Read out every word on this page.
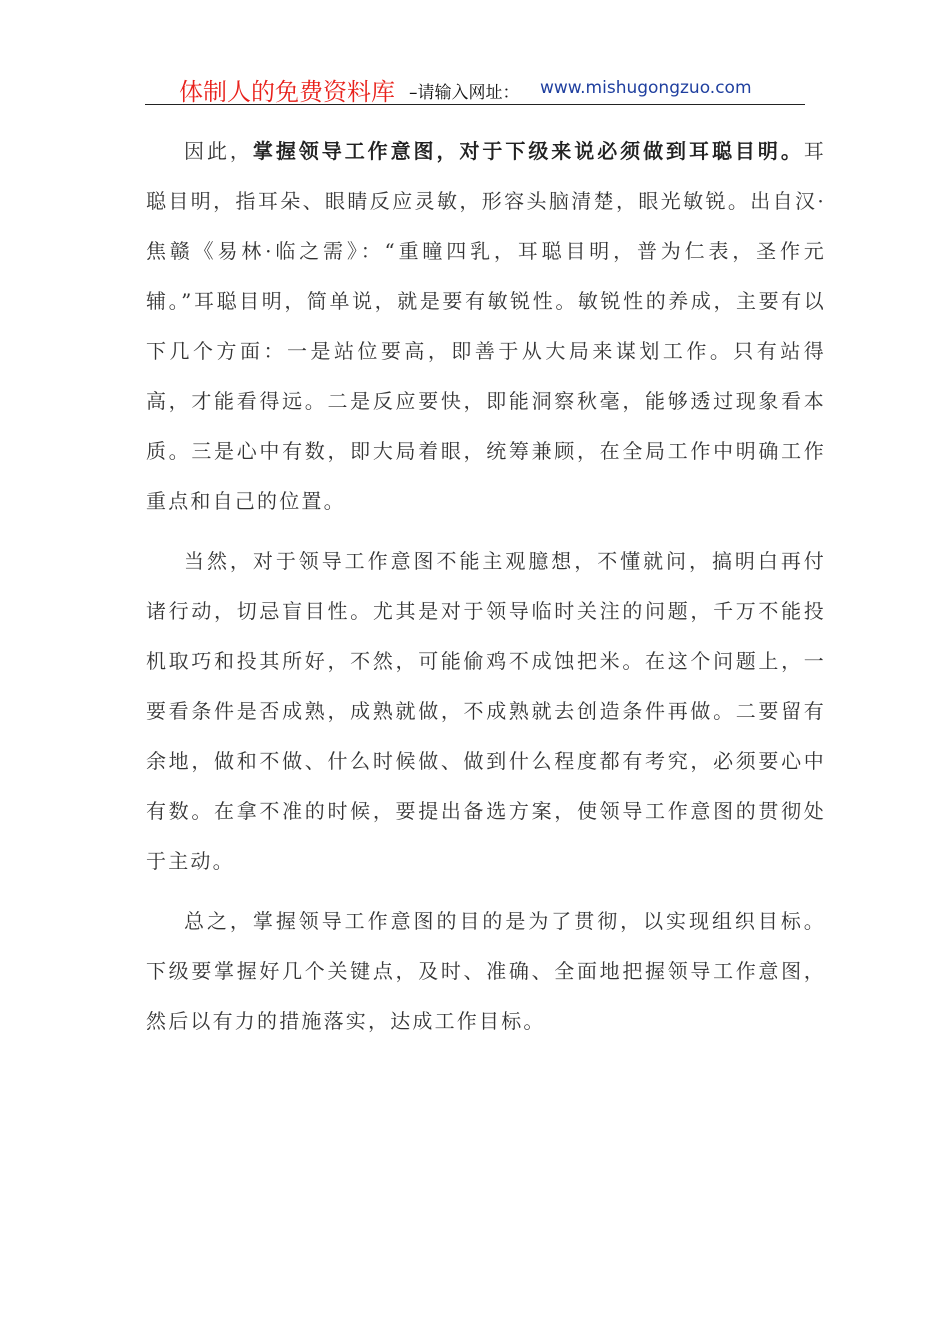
体制人的免费资料库 –请输入网址： www.mishugongzuo.com

因此，掌握领导工作意图，对于下级来说必须做到耳聪目明。耳聪目明，指耳朵、眼睛反应灵敏，形容头脑清楚，眼光敏锐。出自汉·焦赣《易林·临之需》：“重瞳四乳，耳聪目明，普为仁表，圣作元辅。”耳聪目明，简单说，就是要有敏锐性。敏锐性的养成，主要有以下几个方面：一是站位要高，即善于从大局来谋划工作。只有站得高，才能看得远。二是反应要快，即能洞察秋毫，能够透过现象看本质。三是心中有数，即大局着眼，统筹兼顾，在全局工作中明确工作重点和自己的位置。

当然，对于领导工作意图不能主观臆想，不懂就问，搞明白再付诸行动，切忌盲目性。尤其是对于领导临时关注的问题，千万不能投机取巧和投其所好，不然，可能偷鸡不成蚀把米。在这个问题上，一要看条件是否成熟，成熟就做，不成熟就去创造条件再做。二要留有余地，做和不做、什么时候做、做到什么程度都有考究，必须要心中有数。在拿不准的时候，要提出备选方案，使领导工作意图的贯彻处于主动。

总之，掌握领导工作意图的目的是为了贯彻，以实现组织目标。下级要掌握好几个关键点，及时、准确、全面地把握领导工作意图，然后以有力的措施落实，达成工作目标。
